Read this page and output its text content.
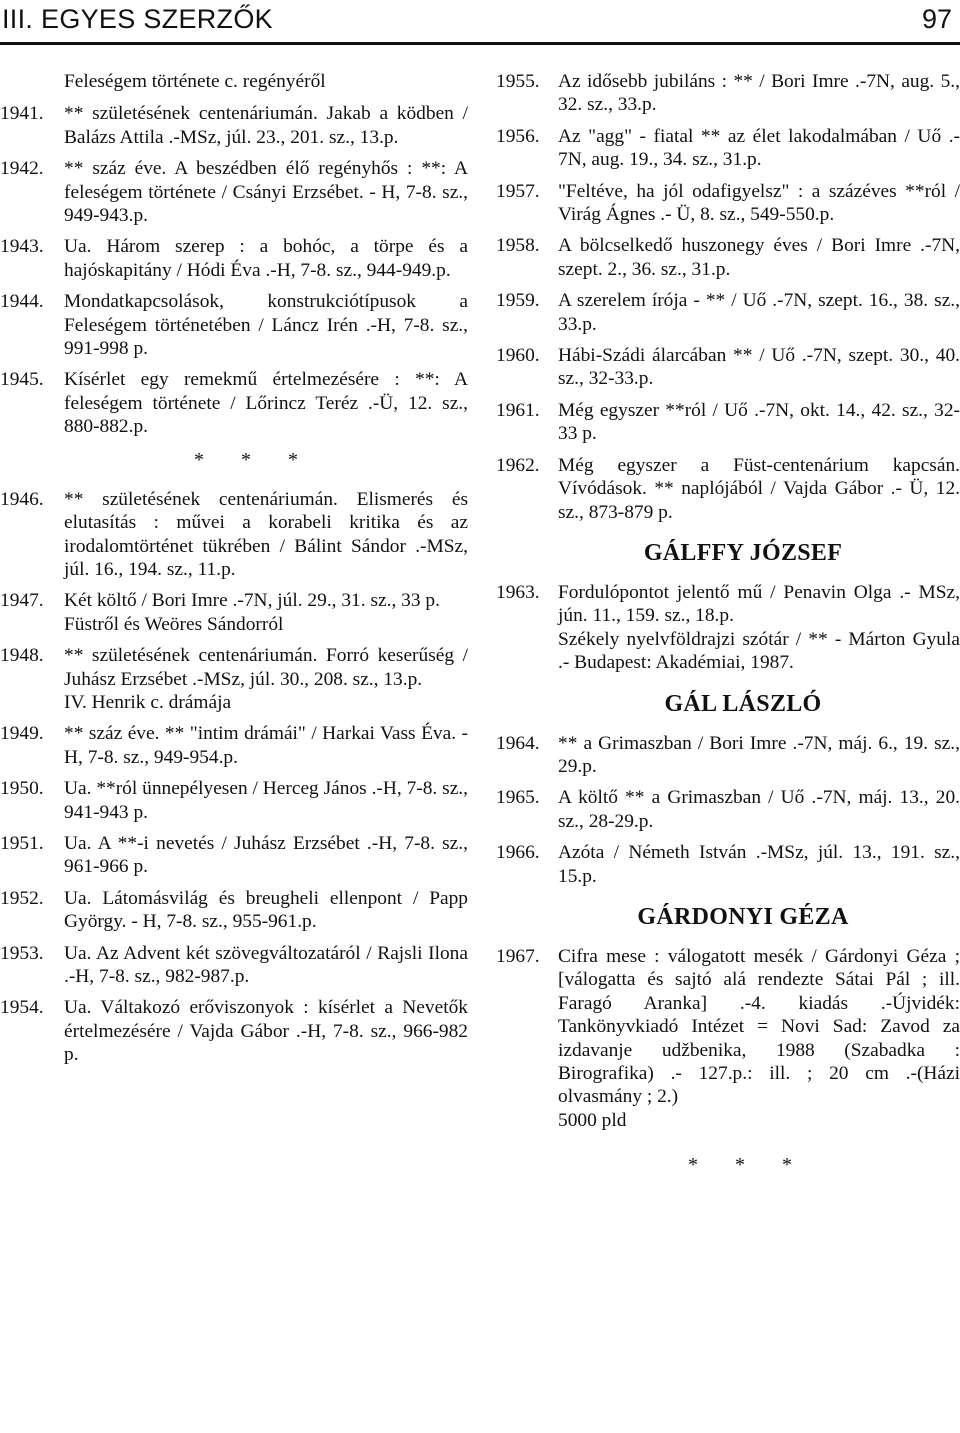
III. EGYES SZERZŐK	97
Feleségem története c. regényéről
1941.	** születésének centenáriumán. Jakab a ködben / Balázs Attila .-MSz, júl. 23., 201. sz., 13.p.
1942.	** száz éve. A beszédben élő regényhős : **: A feleségem története / Csányi Erzsébet. - H, 7-8. sz., 949-943.p.
1943.	Ua. Három szerep : a bohóc, a törpe és a hajóskapitány / Hódi Éva .-H, 7-8. sz., 944-949.p.
1944.	Mondatkapcsolások, konstrukciótípusok a Feleségem történetében / Láncz Irén .-H, 7-8. sz., 991-998 p.
1945.	Kísérlet egy remekmű értelmezésére : **: A feleségem története / Lőrincz Teréz .-Ü, 12. sz., 880-882.p.
* * *
1946.	** születésének centenáriumán. Elismerés és elutasítás : művei a korabeli kritika és az irodalomtörténet tükrében / Bálint Sándor .-MSz, júl. 16., 194. sz., 11.p.
1947. Két költő / Bori Imre .-7N, júl. 29., 31. sz., 33 p.
Füstről és Weöres Sándorról
1948. ** születésének centenáriumán. Forró keserűség / Juhász Erzsébet .-MSz, júl. 30., 208. sz., 13.p.
IV. Henrik c. drámája
1949.	** száz éve. ** "intim drámái" / Harkai Vass Éva. - H, 7-8. sz., 949-954.p.
1950.	Ua. **ról ünnepélyesen / Herceg János .-H, 7-8. sz., 941-943 p.
1951.	Ua. A **-i nevetés / Juhász Erzsébet .-H, 7-8. sz., 961-966 p.
1952.	Ua. Látomásvilág és breugheli ellenpont / Papp György. - H, 7-8. sz., 955-961.p.
1953.	Ua. Az Advent két szövegváltozatáról / Rajsli Ilona .-H, 7-8. sz., 982-987.p.
1954.	Ua. Váltakozó erőviszonyok : kísérlet a Nevetők értelmezésére / Vajda Gábor .-H, 7-8. sz., 966-982 p.
1955. Az idősebb jubiláns : ** / Bori Imre .-7N, aug. 5., 32. sz., 33.p.
1956. Az "agg" - fiatal ** az élet lakodalmában / Uő .- 7N, aug. 19., 34. sz., 31.p.
1957. "Feltéve, ha jól odafigyelsz" : a százéves **ról / Virág Ágnes .- Ü, 8. sz., 549-550.p.
1958. A bölcselkedő huszonegy éves / Bori Imre .-7N, szept. 2., 36. sz., 31.p.
1959. A szerelem írója - ** / Uő .-7N, szept. 16., 38. sz., 33.p.
1960. Hábi-Szádi álarcában ** / Uő .-7N, szept. 30., 40. sz., 32-33.p.
1961. Még egyszer **ról / Uő .-7N, okt. 14., 42. sz., 32-33 p.
1962. Még egyszer a Füst-centenárium kapcsán. Vívódások. ** naplójából / Vajda Gábor .- Ü, 12. sz., 873-879 p.
GÁLFFY JÓZSEF
1963. Fordulópontot jelentő mű / Penavin Olga .- MSz, jún. 11., 159. sz., 18.p.
Székely nyelvföldrajzi szótár / ** - Márton Gyula .- Budapest: Akadémiai, 1987.
GÁL LÁSZLÓ
1964. ** a Grimaszban / Bori Imre .-7N, máj. 6., 19. sz., 29.p.
1965. A költő ** a Grimaszban / Uő .-7N, máj. 13., 20. sz., 28-29.p.
1966. Azóta / Németh István .-MSz, júl. 13., 191. sz., 15.p.
GÁRDONYI GÉZA
1967. Cifra mese : válogatott mesék / Gárdonyi Géza ; [válogatta és sajtó alá rendezte Sátai Pál ; ill. Faragó Aranka] .-4. kiadás .-Újvidék: Tankönyvkiadó Intézet = Novi Sad: Zavod za izdavanje udžbenika, 1988 (Szabadka : Birografika) .- 127.p.: ill. ; 20 cm .-(Házi olvasmány ; 2.)
5000 pld
* * *
